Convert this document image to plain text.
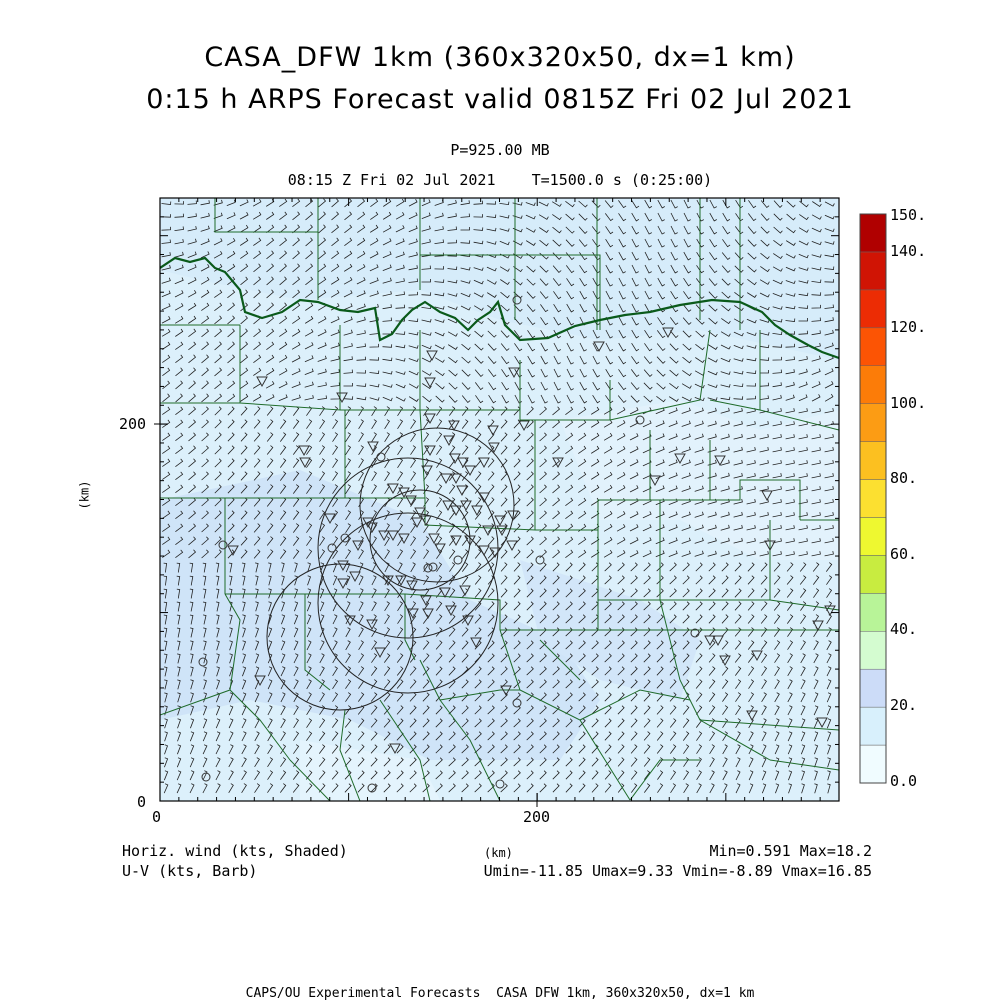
CASA_DFW 1km (360x320x50, dx=1 km)
0:15 h ARPS Forecast valid 0815Z Fri 02 Jul 2021
P=925.00 MB
08:15 Z Fri 02 Jul 2021    T=1500.0 s (0:25:00)
0	200
0
200
(km)
(km)
150.
140.
120.
100.
80.
60.
40.
20.
0.0
Horiz. wind (kts, Shaded)
U-V (kts, Barb)
Min=0.591 Max=18.2
Umin=-11.85 Umax=9.33 Vmin=-8.89 Vmax=16.85
CAPS/OU Experimental Forecasts  CASA DFW 1km, 360x320x50, dx=1 km
